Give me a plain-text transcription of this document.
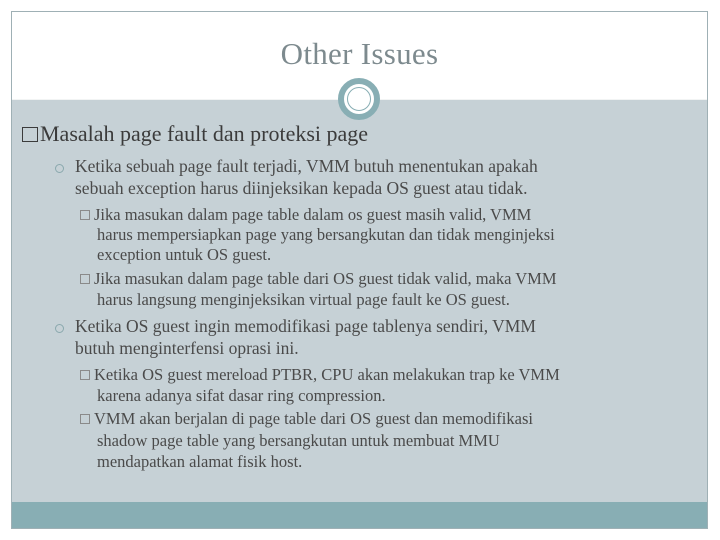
Other Issues
Masalah page fault dan proteksi page
Ketika sebuah page fault terjadi, VMM butuh menentukan apakah
sebuah exception harus diinjeksikan kepada OS guest atau tidak.
Jika masukan dalam page table dalam os guest masih valid, VMM
harus mempersiapkan page yang bersangkutan dan tidak menginjeksi
exception untuk OS guest.
Jika masukan dalam page table dari OS guest tidak valid, maka VMM
harus langsung menginjeksikan virtual page fault ke OS guest.
Ketika OS guest ingin memodifikasi page tablenya sendiri, VMM
butuh menginterfensi oprasi ini.
Ketika OS guest mereload PTBR, CPU akan melakukan trap ke VMM
karena adanya sifat dasar ring compression.
VMM akan berjalan di page table dari OS guest dan memodifikasi
shadow page table yang bersangkutan untuk membuat MMU
mendapatkan alamat fisik host.
